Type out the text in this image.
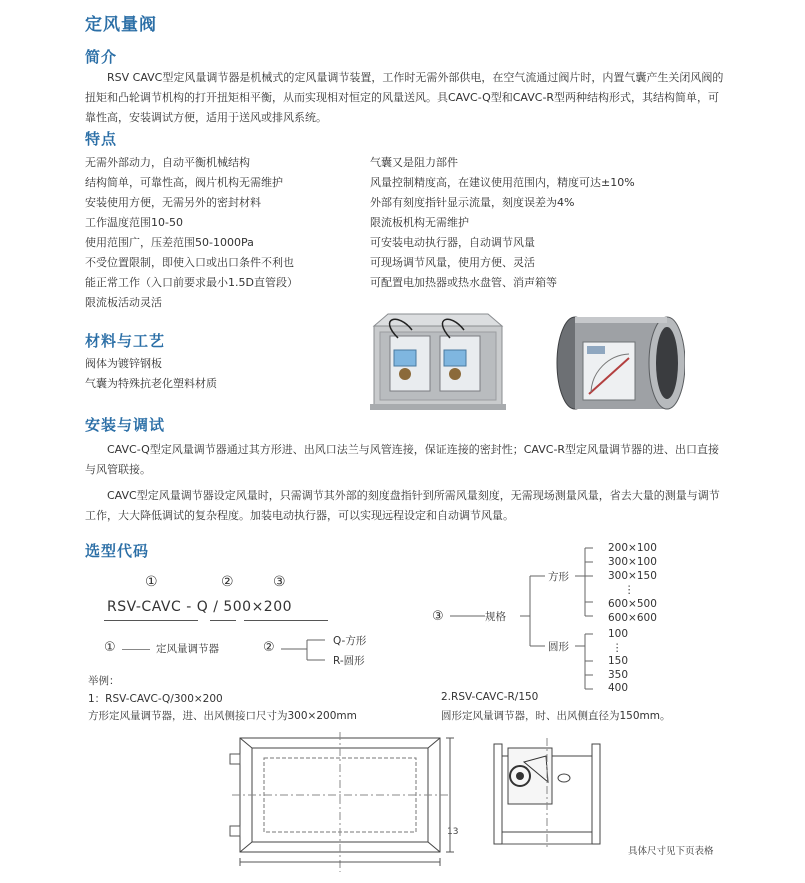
定风量阀
简介
RSV CAVC型定风量调节器是机械式的定风量调节装置，工作时无需外部供电，在空气流通过阀片时，内置气囊产生关闭风阀的扭矩和凸轮调节机构的打开扭矩相平衡，从而实现相对恒定的风量送风。具CAVC-Q型和CAVC-R型两种结构形式，其结构简单，可靠性高，安装调试方便，适用于送风或排风系统。
特点
无需外部动力，自动平衡机械结构
结构简单，可靠性高，阀片机构无需维护
安装使用方便，无需另外的密封材料
工作温度范围10-50
使用范围广，压差范围50-1000Pa
不受位置限制，即使入口或出口条件不利也
能正常工作（入口前要求最小1.5D直管段）
限流板活动灵活
气囊又是阻力部件
风量控制精度高，在建议使用范围内，精度可达±10%
外部有刻度指针显示流量，刻度误差为4%
限流板机构无需维护
可安装电动执行器，自动调节风量
可现场调节风量，使用方便、灵活
可配置电加热器或热水盘管、消声箱等
材料与工艺
阀体为镀锌钢板
气囊为特殊抗老化塑料材质
安装与调试
CAVC-Q型定风量调节器通过其方形进、出风口法兰与风管连接，保证连接的密封性；CAVC-R型定风量调节器的进、出口直接与风管联接。
CAVC型定风量调节器设定风量时，只需调节其外部的刻度盘指针到所需风量刻度，无需现场测量风量，省去大量的测量与调节工作，大大降低调试的复杂程度。加装电动执行器，可以实现远程设定和自动调节风量。
选型代码
①	②	③
RSV-CAVC - Q / 500×200
①	定风量调节器	②	Q-方形
R-圆形
③	规格
方形
圆形
200×100
300×100
300×150
⋮
600×500
600×600
100
⋮
150
350
400
举例：
1：RSV-CAVC-Q/300×200
方形定风量调节器，进、出风侧接口尺寸为300×200mm
2.RSV-CAVC-R/150
圆形定风量调节器，时、出风侧直径为150mm。
13
具体尺寸见下页表格
